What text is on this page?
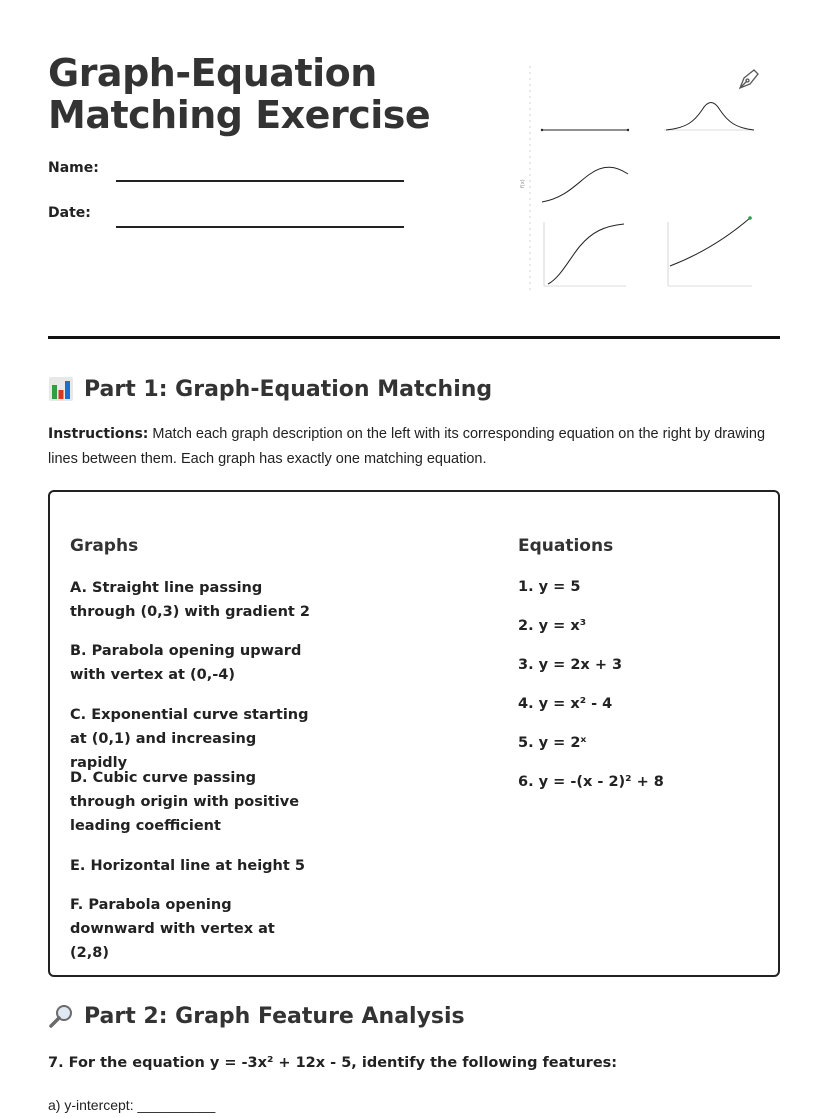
Graph-Equation
Matching Exercise
Name:
Date:
f(x)
Part 1: Graph-Equation Matching
Instructions: Match each graph description on the left with its corresponding equation on the right by drawing lines between them. Each graph has exactly one matching equation.
Graphs	Equations
A. Straight line passing through (0,3) with gradient 2
B. Parabola opening upward with vertex at (0,-4)
C. Exponential curve starting at (0,1) and increasing rapidly
D. Cubic curve passing through origin with positive leading coefficient
E. Horizontal line at height 5
F. Parabola opening downward with vertex at (2,8)
1. y = 5
2. y = x³
3. y = 2x + 3
4. y = x² - 4
5. y = 2ˣ
6. y = -(x - 2)² + 8
Part 2: Graph Feature Analysis
7. For the equation y = -3x² + 12x - 5, identify the following features:
a) y-intercept: __________
